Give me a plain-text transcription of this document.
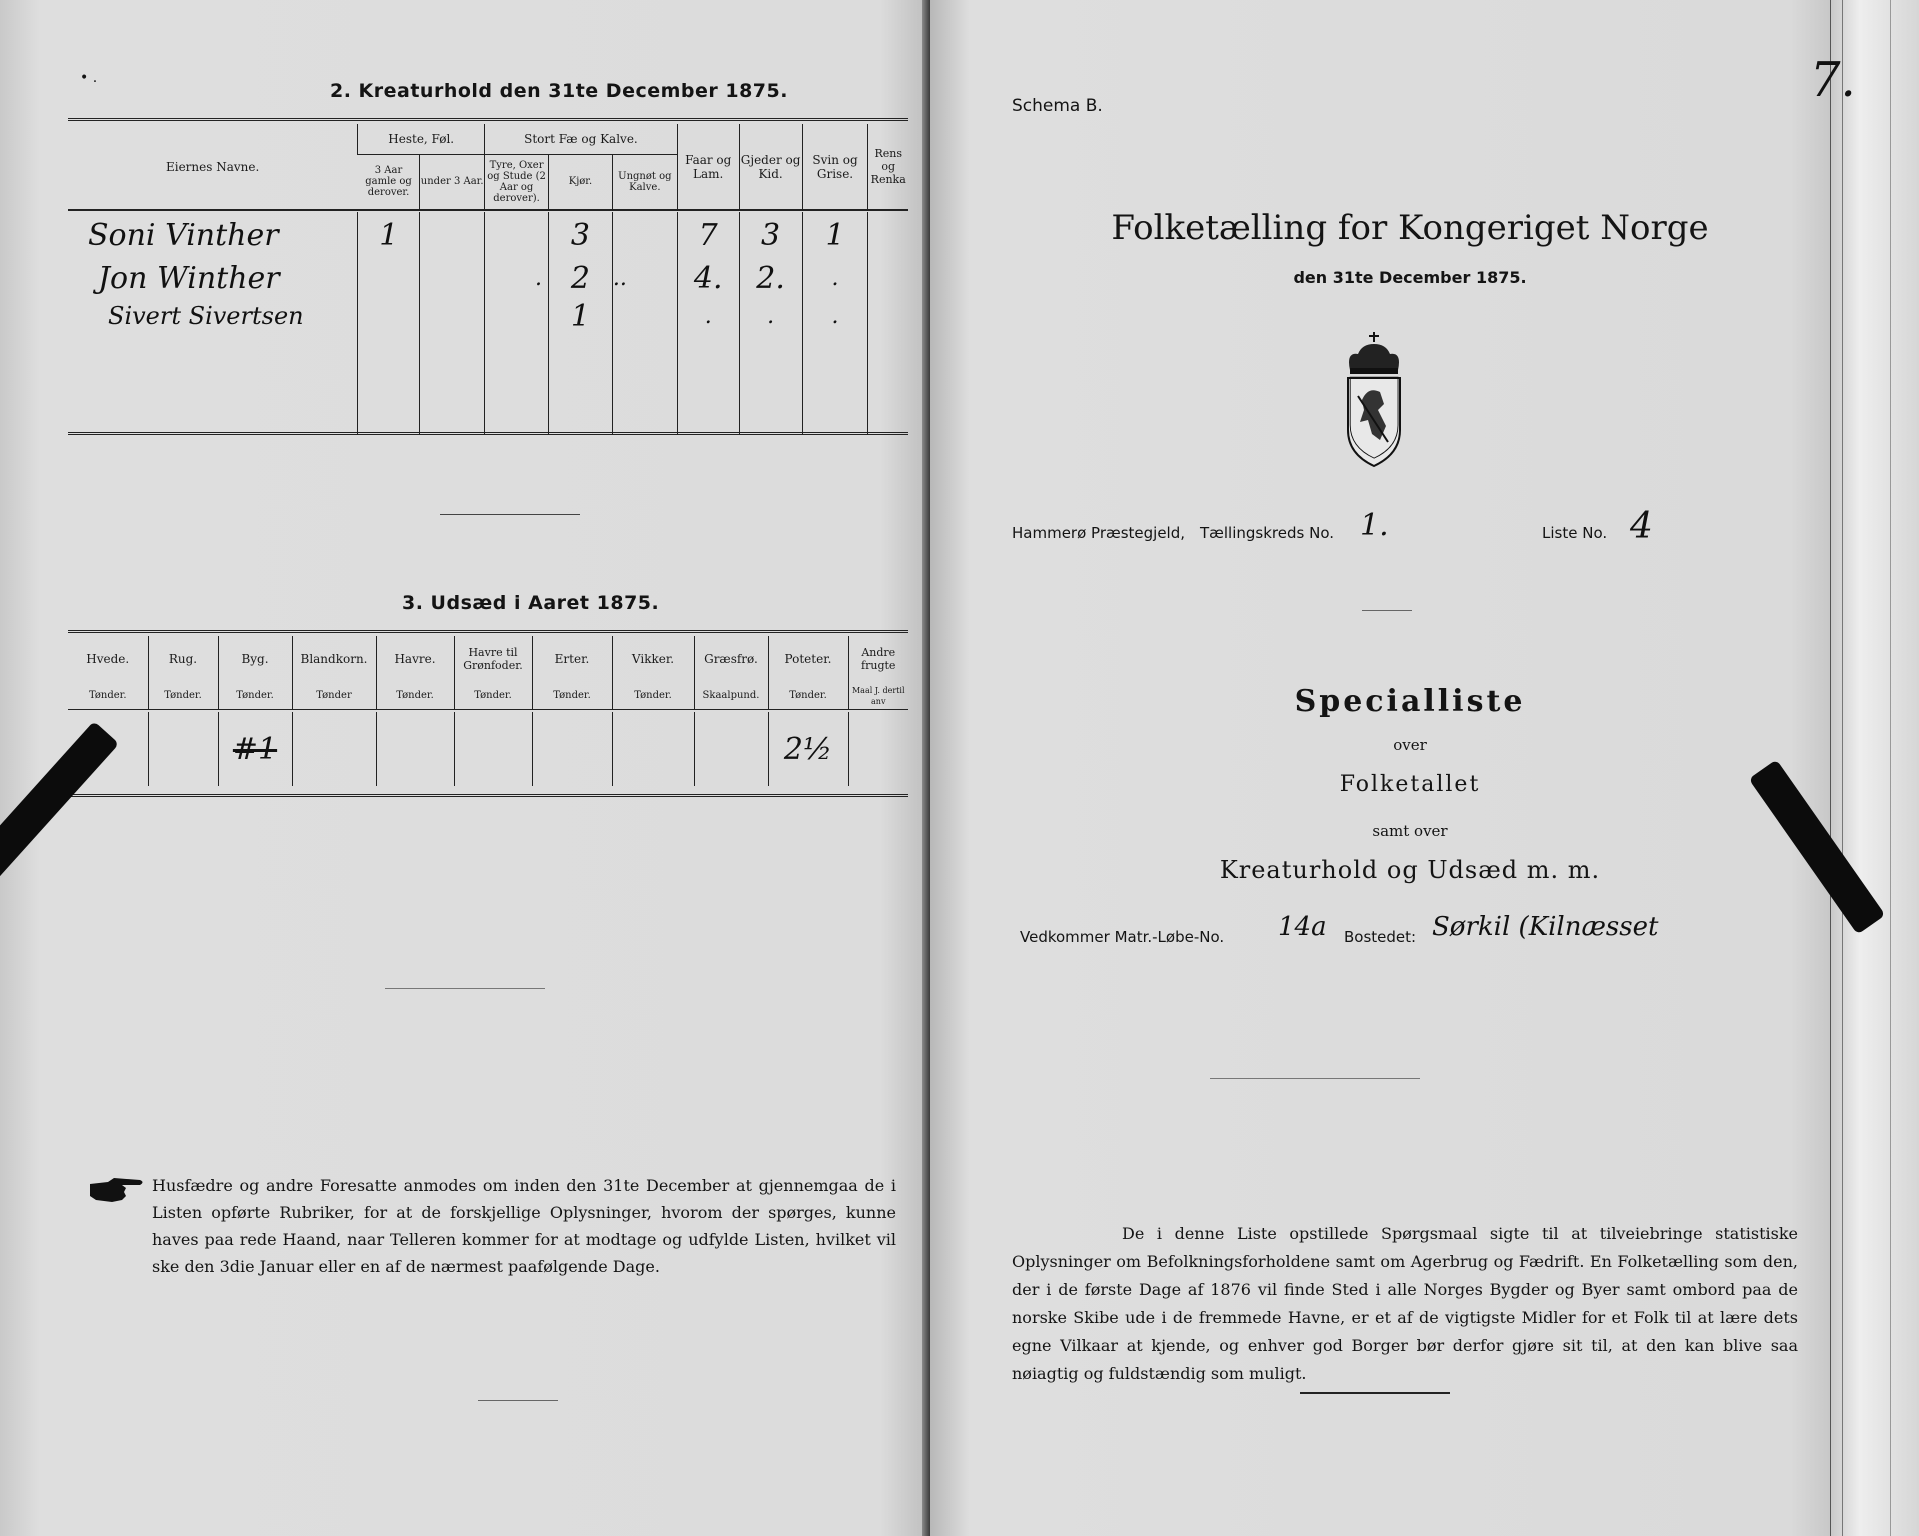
• .
2. Kreaturhold den 31te December 1875.
Eiernes Navne.	Heste, Føl.		Stort Fæ og Kalve.			Faar og Lam.	Gjeder og Kid.	Svin og Grise.	Rens og Renka
	3 Aar gamle og derover.	under 3 Aar.	Tyre, Oxer og Stude (2 Aar og derover).	Kjør.	Ungnøt og Kalve.				

Soni Vinther	1			3		7	3	1	
Jon Winther			.	2	..	4.	2.	.	
Sivert Sivertsen				1		.	.	.	

3. Udsæd i Aaret 1875.
Hvede.	Rug.	Byg.	Blandkorn.	Havre.	Havre til Grønfoder.	Erter.	Vikker.	Græsfrø.	Poteter.	Andre frugte
Tønder.	Tønder.	Tønder.	Tønder	Tønder.	Tønder.	Tønder.	Tønder.	Skaalpund.	Tønder.	Maal J. dertil anv

		#1							2½	
Husfædre og andre Foresatte anmodes om inden den 31te December at gjennemgaa de i Listen opførte Rubriker, for at de forskjellige Oplysninger, hvorom der spørges, kunne haves paa rede Haand, naar Telleren kommer for at modtage og udfylde Listen, hvilket vil ske den 3die Januar eller en af de nærmest paafølgende Dage.
7.
Schema B.
Folketælling for Kongeriget Norge
den 31te December 1875.
Hammerø Præstegjeld, Tællingskreds No. 1.	Liste No. 4
Specialliste
over
Folketallet
samt over
Kreaturhold og Udsæd m. m.
Vedkommer Matr.-Løbe-No. 14a Bostedet: Sørkil (Kilnæsset
De i denne Liste opstillede Spørgsmaal sigte til at tilveiebringe statistiske Oplysninger om Befolkningsforholdene samt om Agerbrug og Fædrift. En Folketælling som den, der i de første Dage af 1876 vil finde Sted i alle Norges Bygder og Byer samt ombord paa de norske Skibe ude i de fremmede Havne, er et af de vigtigste Midler for et Folk til at lære dets egne Vilkaar at kjende, og enhver god Borger bør derfor gjøre sit til, at den kan blive saa nøiagtig og fuldstændig som muligt.
